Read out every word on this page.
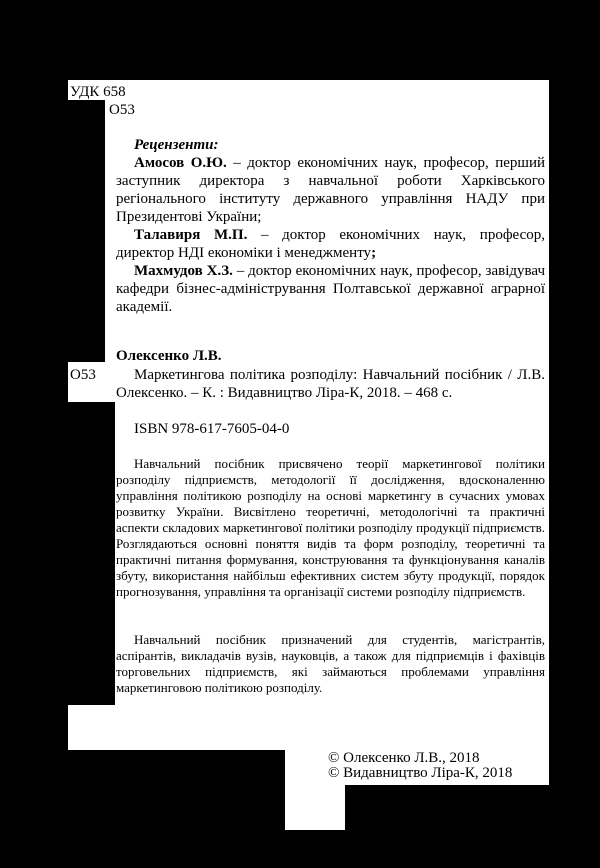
УДК 658
О53
Рецензенти:
Амосов О.Ю. – доктор економічних наук, професор, перший заступник директора з навчальної роботи Харківського регіонального інституту державного управління НАДУ при Президентові України;
Талавиря М.П. – доктор економічних наук, професор, директор НДІ економіки і менеджменту;
Махмудов Х.З. – доктор економічних наук, професор, завідувач кафедри бізнес-адміністрування Полтавської державної аграрної академії.
Олексенко Л.В.
О53	Маркетингова політика розподілу: Навчальний посібник / Л.В. Олексенко. – К. : Видавництво Ліра-К, 2018. – 468 с.
ISBN 978-617-7605-04-0
Навчальний посібник присвячено теорії маркетингової політики розподілу підприємств, методології її дослідження, вдосконаленню управління політикою розподілу на основі маркетингу в сучасних умовах розвитку України. Висвітлено теоретичні, методологічні та практичні аспекти складових маркетингової політики розподілу продукції підприємств. Розглядаються основні поняття видів та форм розподілу, теоретичні та практичні питання формування, конструювання та функціонування каналів збуту, використання найбільш ефективних систем збуту продукції, порядок прогнозування, управління та організації системи розподілу підприємств.
Навчальний посібник призначений для студентів, магістрантів, аспірантів, викладачів вузів, науковців, а також для підприємців і фахівців торговельних підприємств, які займаються проблемами управління маркетинговою політикою розподілу.
ISBN 978-617-7605-04-0
© Олексенко Л.В., 2018
© Видавництво Ліра-К, 2018
